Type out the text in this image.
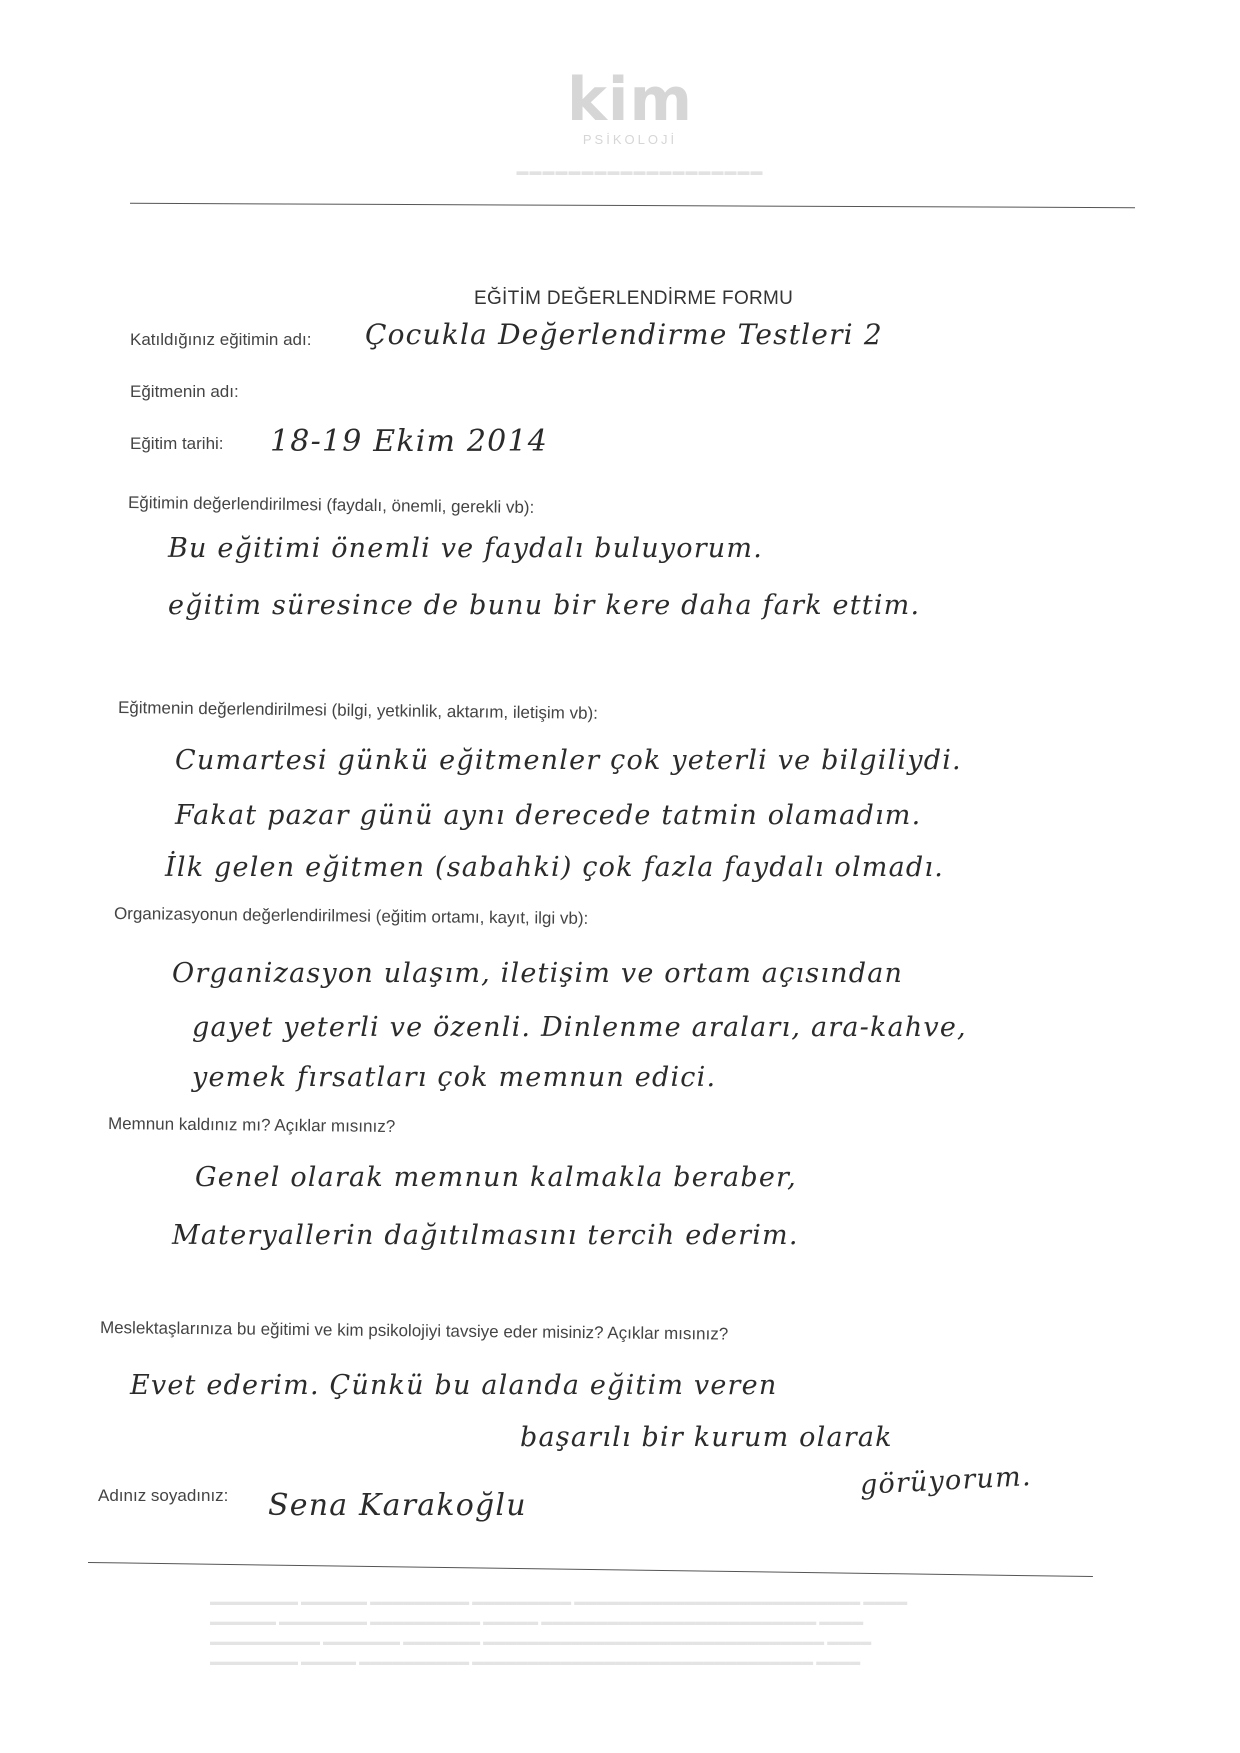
kim
PSİKOLOJİ
▬▬▬▬▬▬▬▬▬▬▬▬▬▬▬▬▬▬▬
EĞİTİM DEĞERLENDİRME FORMU
Katıldığınız eğitimin adı: Çocukla Değerlendirme Testleri 2
Eğitmenin adı:
Eğitim tarihi: 18-19 Ekim 2014
Eğitimin değerlendirilmesi (faydalı, önemli, gerekli vb):
Bu eğitimi önemli ve faydalı buluyorum.
eğitim süresince de bunu bir kere daha fark ettim.
Eğitmenin değerlendirilmesi (bilgi, yetkinlik, aktarım, iletişim vb):
Cumartesi günkü eğitmenler çok yeterli ve bilgiliydi.
Fakat pazar günü aynı derecede tatmin olamadım.
İlk gelen eğitmen (sabahki) çok fazla faydalı olmadı.
Organizasyonun değerlendirilmesi (eğitim ortamı, kayıt, ilgi vb):
Organizasyon ulaşım, iletişim ve ortam açısından
gayet yeterli ve özenli. Dinlenme araları, ara-kahve,
yemek fırsatları çok memnun edici.
Memnun kaldınız mı? Açıklar mısınız?
Genel olarak memnun kalmakla beraber,
Materyallerin dağıtılmasını tercih ederim.
Meslektaşlarınıza bu eğitimi ve kim psikolojiyi tavsiye eder misiniz? Açıklar mısınız?
Evet ederim. Çünkü bu alanda eğitim veren
başarılı bir kurum olarak
görüyorum.
Adınız soyadınız: Sena Karakoğlu
▬▬▬▬▬▬▬▬ ▬▬▬▬▬▬ ▬▬▬▬▬▬▬▬▬ ▬▬▬▬▬▬▬▬▬ ▬▬▬▬▬▬▬▬▬▬▬▬▬▬▬▬▬▬▬▬▬▬▬▬▬▬ ▬▬▬▬
▬▬▬▬▬▬ ▬▬▬▬▬▬▬▬ ▬▬▬▬▬▬▬▬▬▬ ▬▬▬▬▬ ▬▬▬▬▬▬▬▬▬▬▬▬▬▬▬▬▬▬▬▬▬▬▬▬▬ ▬▬▬▬
▬▬▬▬▬▬▬▬▬▬ ▬▬▬▬▬▬▬ ▬▬▬▬▬▬▬ ▬▬▬▬▬▬▬▬▬▬▬▬▬▬▬▬▬▬▬▬▬▬▬▬▬▬▬▬▬▬▬ ▬▬▬▬
▬▬▬▬▬▬▬▬ ▬▬▬▬▬ ▬▬▬▬▬▬▬▬▬▬ ▬▬▬▬▬▬▬▬▬▬▬▬▬▬▬▬▬▬▬▬▬▬▬▬▬▬▬▬▬▬▬ ▬▬▬▬
